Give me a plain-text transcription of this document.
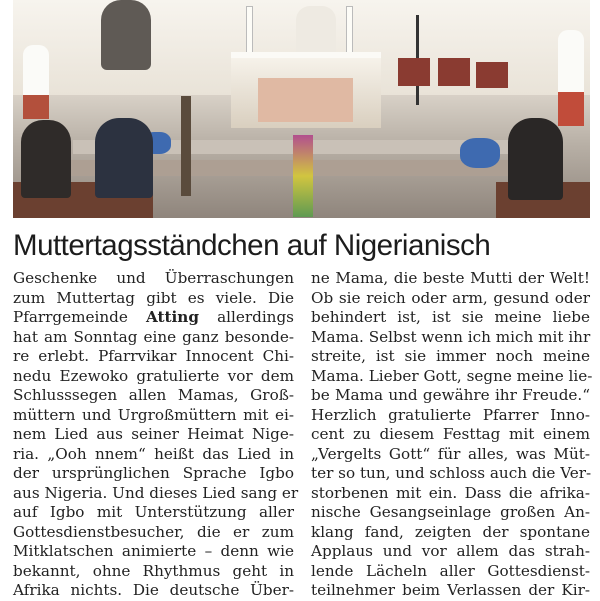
Muttertagsständchen auf Nigerianisch

Geschenke und Überraschungen
zum Muttertag gibt es viele. Die
Pfarrgemeinde Atting allerdings
hat am Sonntag eine ganz besonde-
re erlebt. Pfarrvikar Innocent Chi-
nedu Ezewoko gratulierte vor dem
Schlusssegen allen Mamas, Groß-
müttern und Urgroßmüttern mit ei-
nem Lied aus seiner Heimat Nige-
ria. „Ooh nnem“ heißt das Lied in
der ursprünglichen Sprache Igbo
aus Nigeria. Und dieses Lied sang er
auf Igbo mit Unterstützung aller
Gottesdienstbesucher, die er zum
Mitklatschen animierte – denn wie
bekannt, ohne Rhythmus geht in
Afrika nichts. Die deutsche Über-

ne Mama, die beste Mutti der Welt!
Ob sie reich oder arm, gesund oder
behindert ist, ist sie meine liebe
Mama. Selbst wenn ich mich mit ihr
streite, ist sie immer noch meine
Mama. Lieber Gott, segne meine lie-
be Mama und gewähre ihr Freude.“
Herzlich gratulierte Pfarrer Inno-
cent zu diesem Festtag mit einem
„Vergelts Gott“ für alles, was Müt-
ter so tun, und schloss auch die Ver-
storbenen mit ein. Dass die afrika-
nische Gesangseinlage großen An-
klang fand, zeigten der spontane
Applaus und vor allem das strah-
lende Lächeln aller Gottesdienst-
teilnehmer beim Verlassen der Kir-
